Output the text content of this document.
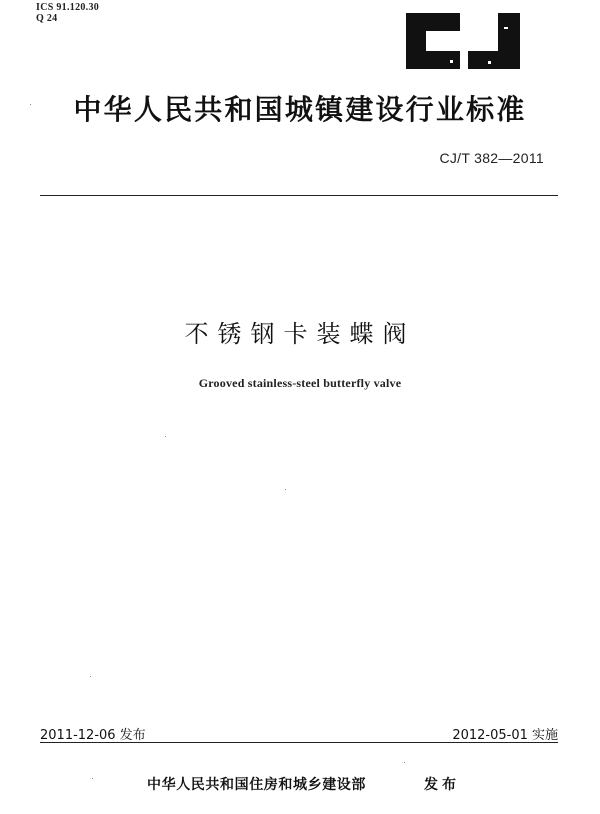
ICS 91.120.30
Q 24
中华人民共和国城镇建设行业标准
CJ/T 382—2011
不锈钢卡装蝶阀
Grooved stainless-steel butterfly valve
2011-12-06 发布	2012-05-01 实施
中华人民共和国住房和城乡建设部	发布
